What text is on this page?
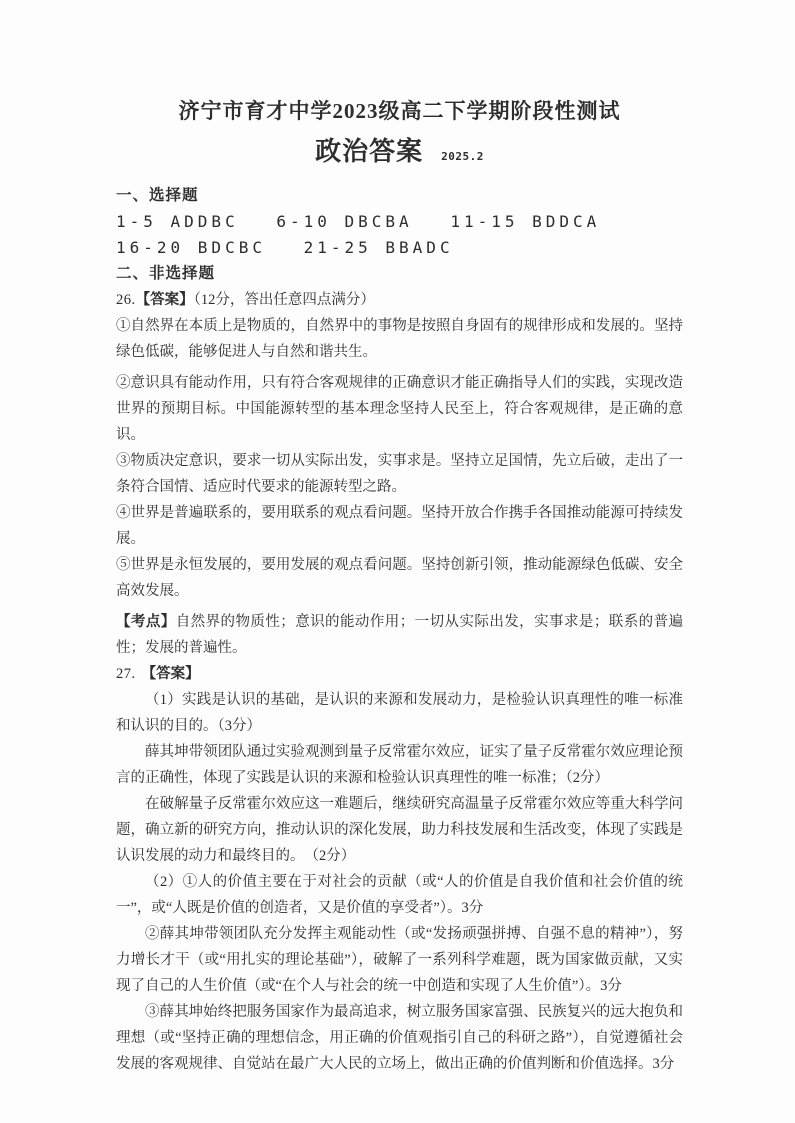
济宁市育才中学2023级高二下学期阶段性测试
政治答案 2025.2
一、选择题
1-5 ADDBC 6-10 DBCBA 11-15 BDDCA
16-20 BDCBC 21-25 BBADC
二、非选择题

26.【答案】（12分，答出任意四点满分）

①自然界在本质上是物质的，自然界中的事物是按照自身固有的规律形成和发展的。坚持绿色低碳，能够促进人与自然和谐共生。

②意识具有能动作用，只有符合客观规律的正确意识才能正确指导人们的实践，实现改造世界的预期目标。中国能源转型的基本理念坚持人民至上，符合客观规律，是正确的意识。

③物质决定意识，要求一切从实际出发，实事求是。坚持立足国情，先立后破，走出了一条符合国情、适应时代要求的能源转型之路。

④世界是普遍联系的，要用联系的观点看问题。坚持开放合作携手各国推动能源可持续发展。

⑤世界是永恒发展的，要用发展的观点看问题。坚持创新引领，推动能源绿色低碳、安全高效发展。

【考点】自然界的物质性；意识的能动作用；一切从实际出发，实事求是；联系的普遍性；发展的普遍性。

27. 【答案】

（1）实践是认识的基础，是认识的来源和发展动力，是检验认识真理性的唯一标准和认识的目的。（3分）

薛其坤带领团队通过实验观测到量子反常霍尔效应，证实了量子反常霍尔效应理论预言的正确性，体现了实践是认识的来源和检验认识真理性的唯一标准；（2分）

在破解量子反常霍尔效应这一难题后，继续研究高温量子反常霍尔效应等重大科学问题，确立新的研究方向，推动认识的深化发展，助力科技发展和生活改变，体现了实践是认识发展的动力和最终目的。　（2分）

（2）①人的价值主要在于对社会的贡献（或“人的价值是自我价值和社会价值的统一”，或“人既是价值的创造者，又是价值的享受者”）。3分

②薛其坤带领团队充分发挥主观能动性（或“发扬顽强拼搏、自强不息的精神”），努力增长才干（或“用扎实的理论基础”），破解了一系列科学难题，既为国家做贡献，又实现了自己的人生价值（或“在个人与社会的统一中创造和实现了人生价值”）。3分

③薛其坤始终把服务国家作为最高追求，树立服务国家富强、民族复兴的远大抱负和理想（或“坚持正确的理想信念，用正确的价值观指引自己的科研之路”），自觉遵循社会发展的客观规律、自觉站在最广大人民的立场上，做出正确的价值判断和价值选择。3分
